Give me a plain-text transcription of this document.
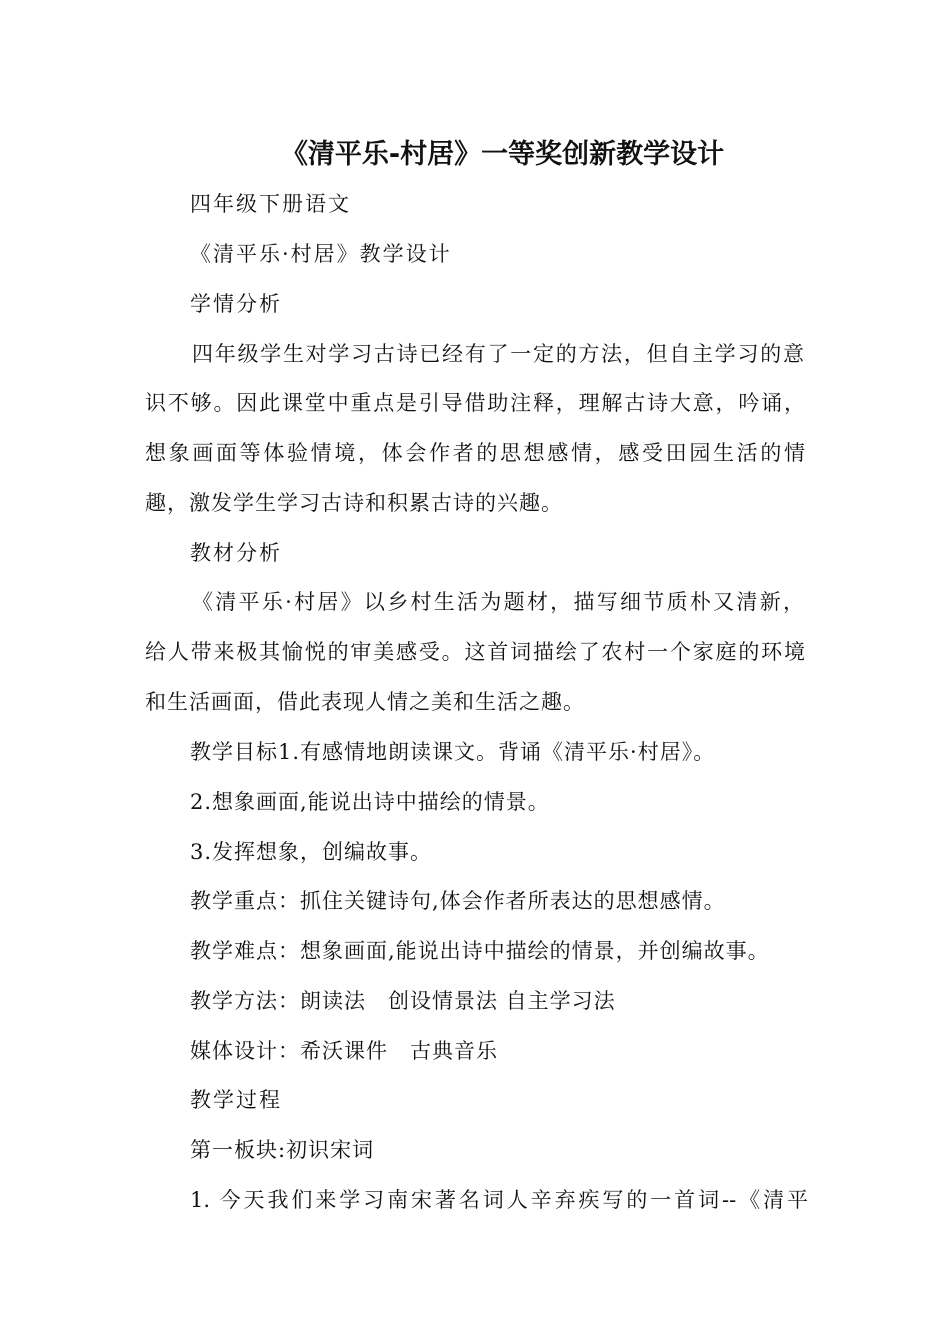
《清平乐-村居》一等奖创新教学设计
四年级下册语文
《清平乐·村居》教学设计
学情分析
四年级学生对学习古诗已经有了一定的方法，但自主学习的意
识不够。因此课堂中重点是引导借助注释，理解古诗大意，吟诵，
想象画面等体验情境，体会作者的思想感情，感受田园生活的情
趣，激发学生学习古诗和积累古诗的兴趣。
教材分析
《清平乐·村居》以乡村生活为题材，描写细节质朴又清新，
给人带来极其愉悦的审美感受。这首词描绘了农村一个家庭的环境
和生活画面，借此表现人情之美和生活之趣。
教学目标1.有感情地朗读课文。背诵《清平乐·村居》。
2.想象画面,能说出诗中描绘的情景。
3.发挥想象，创编故事。
教学重点：抓住关键诗句,体会作者所表达的思想感情。
教学难点：想象画面,能说出诗中描绘的情景，并创编故事。
教学方法：朗读法　创设情景法 自主学习法
媒体设计：希沃课件　古典音乐
教学过程
第一板块:初识宋词
1. 今天我们来学习南宋著名词人辛弃疾写的一首词--《清平
